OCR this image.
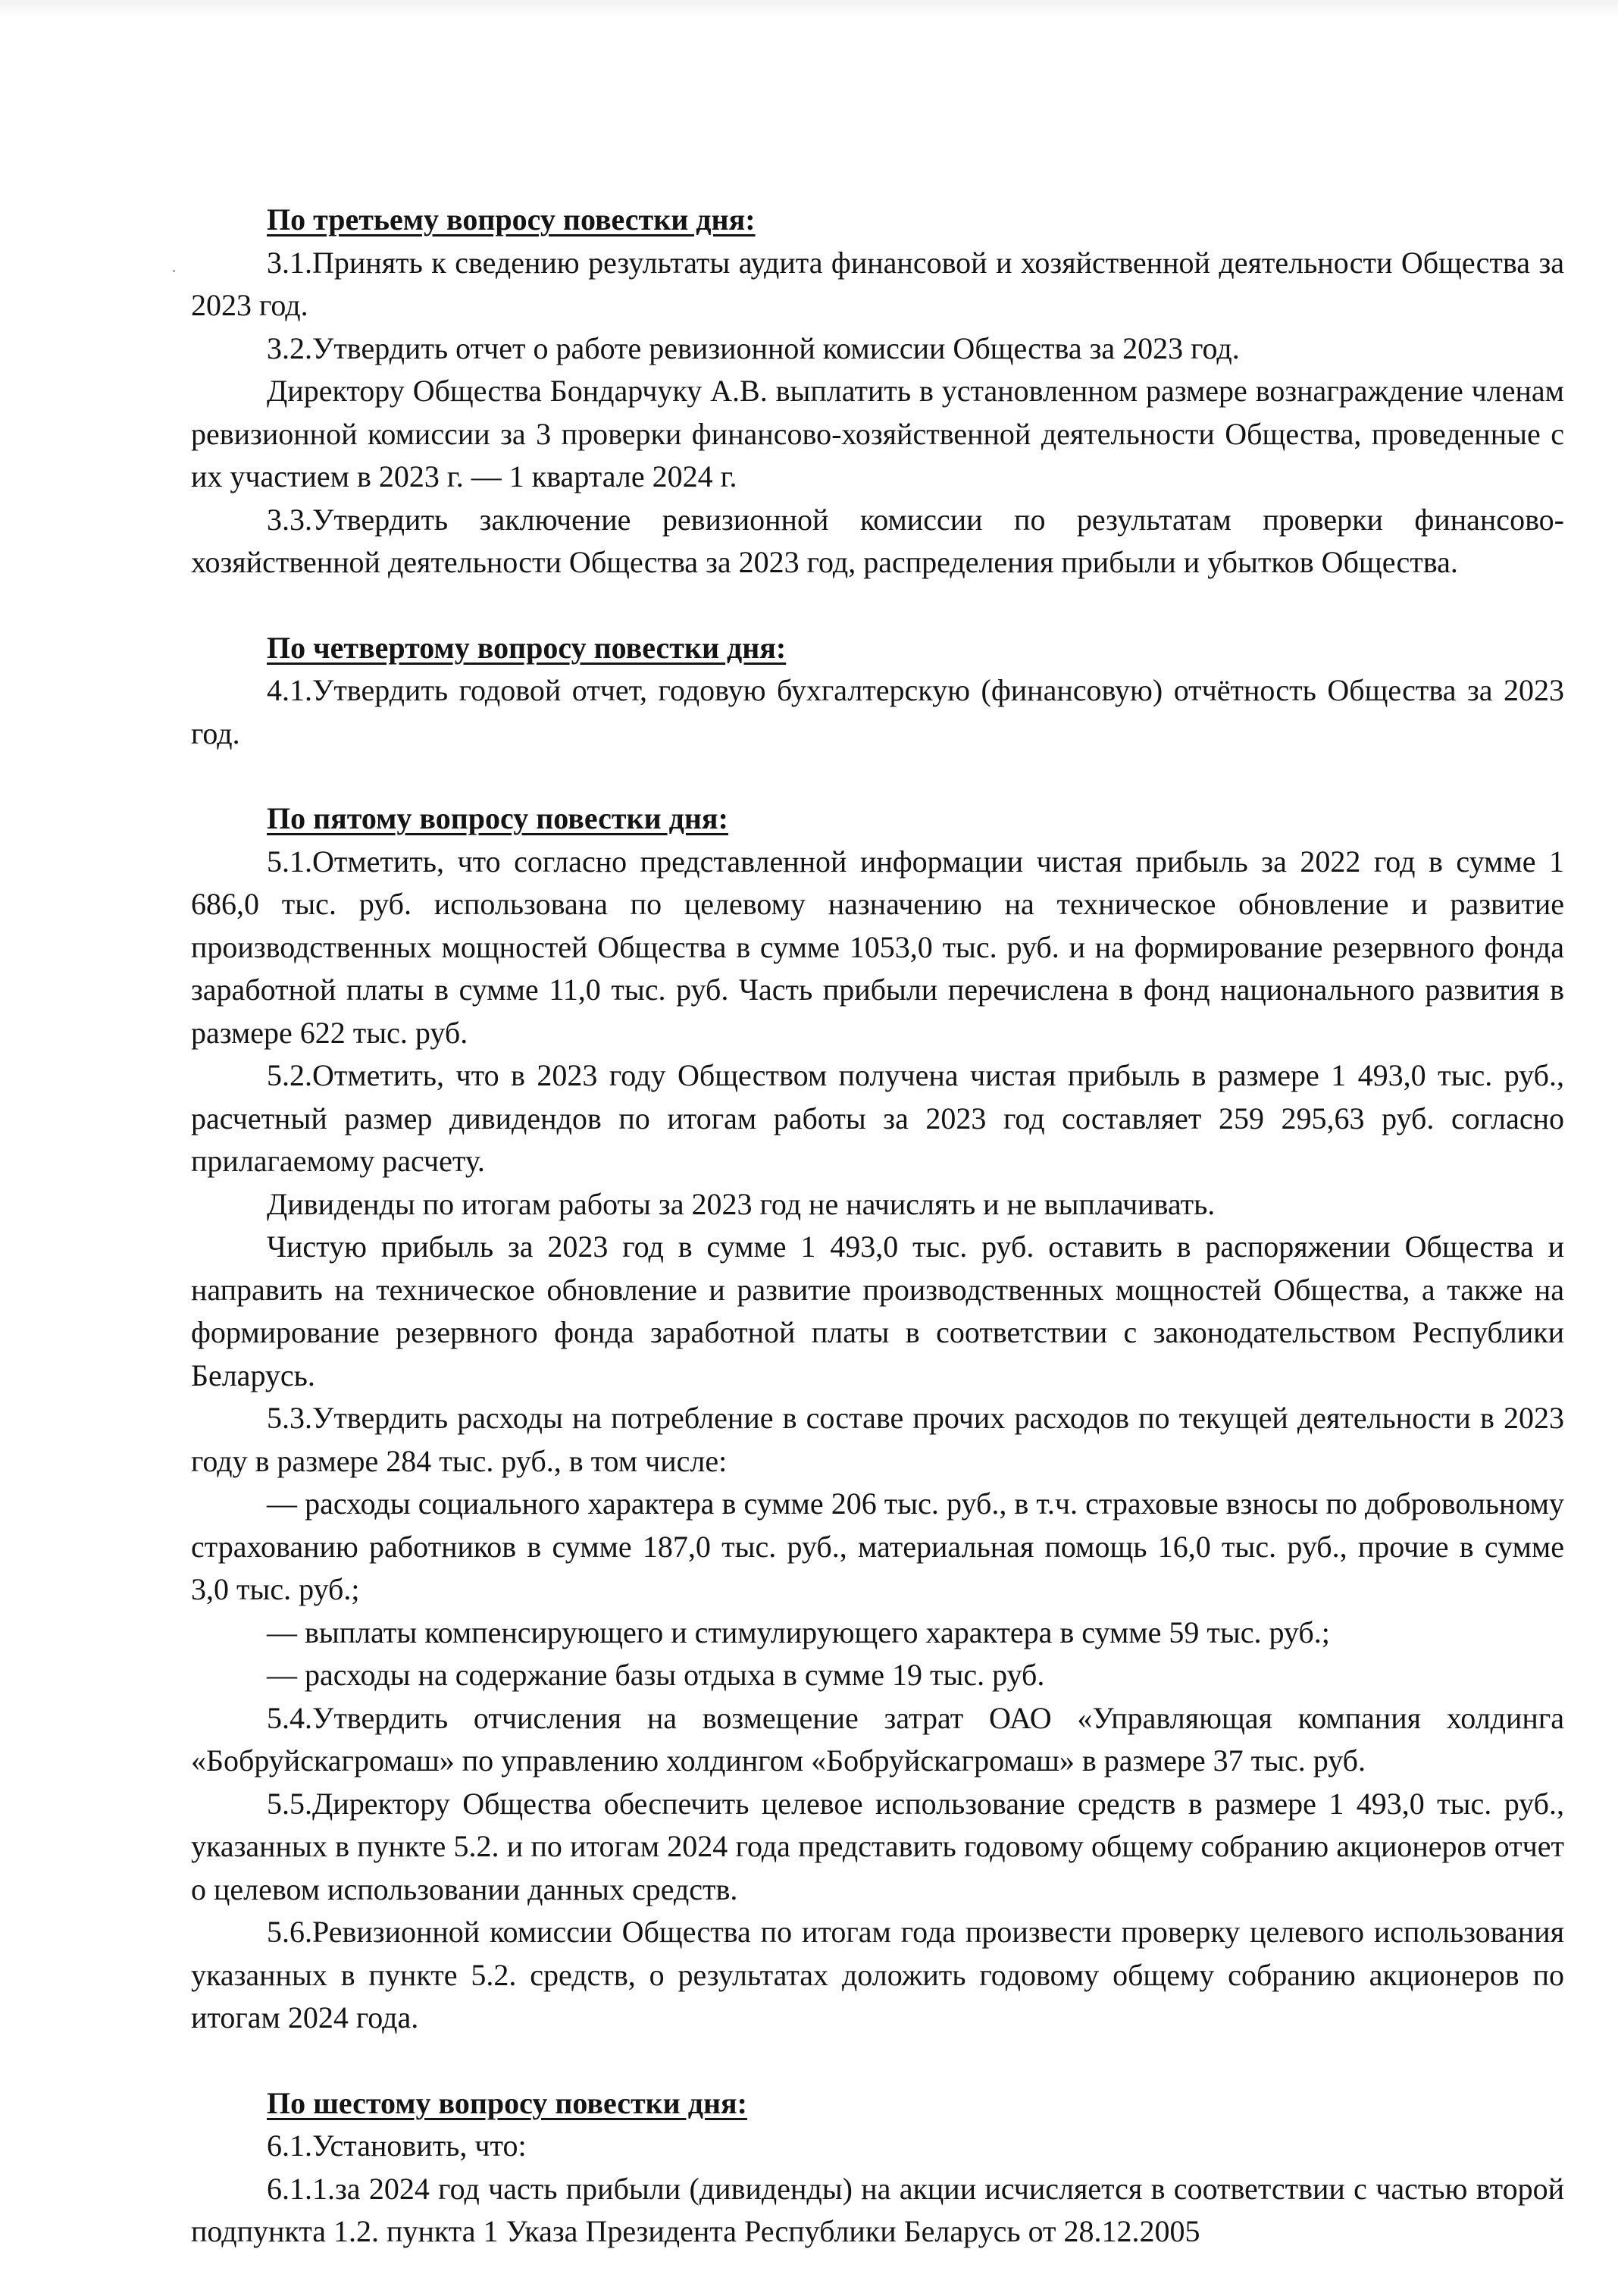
По третьему вопросу повестки дня:

3.1.Принять к сведению результаты аудита финансовой и хозяйственной деятельности Общества за 2023 год.

3.2.Утвердить отчет о работе ревизионной комиссии Общества за 2023 год.

Директору Общества Бондарчуку А.В. выплатить в установленном размере вознаграждение членам ревизионной комиссии за 3 проверки финансово-хозяйственной деятельности Общества, проведенные с их участием в 2023 г. — 1 квартале 2024 г.

3.3.Утвердить заключение ревизионной комиссии по результатам проверки финансово-хозяйственной деятельности Общества за 2023 год, распределения прибыли и убытков Общества.

По четвертому вопросу повестки дня:

4.1.Утвердить годовой отчет, годовую бухгалтерскую (финансовую) отчётность Общества за 2023 год.

По пятому вопросу повестки дня:

5.1.Отметить, что согласно представленной информации чистая прибыль за 2022 год в сумме 1 686,0 тыс. руб. использована по целевому назначению на техническое обновление и развитие производственных мощностей Общества в сумме 1053,0 тыс. руб. и на формирование резервного фонда заработной платы в сумме 11,0 тыс. руб. Часть прибыли перечислена в фонд национального развития в размере 622 тыс. руб.

5.2.Отметить, что в 2023 году Обществом получена чистая прибыль в размере 1 493,0 тыс. руб., расчетный размер дивидендов по итогам работы за 2023 год составляет 259 295,63 руб. согласно прилагаемому расчету.

Дивиденды по итогам работы за 2023 год не начислять и не выплачивать.

Чистую прибыль за 2023 год в сумме 1 493,0 тыс. руб. оставить в распоряжении Общества и направить на техническое обновление и развитие производственных мощностей Общества, а также на формирование резервного фонда заработной платы в соответствии с законодательством Республики Беларусь.

5.3.Утвердить расходы на потребление в составе прочих расходов по текущей деятельности в 2023 году в размере 284 тыс. руб., в том числе:

— расходы социального характера в сумме 206 тыс. руб., в т.ч. страховые взносы по добровольному страхованию работников в сумме 187,0 тыс. руб., материальная помощь 16,0 тыс. руб., прочие в сумме 3,0 тыс. руб.;

— выплаты компенсирующего и стимулирующего характера в сумме 59 тыс. руб.;

— расходы на содержание базы отдыха в сумме 19 тыс. руб.

5.4.Утвердить отчисления на возмещение затрат ОАО «Управляющая компания холдинга «Бобруйскагромаш» по управлению холдингом «Бобруйскагромаш» в размере 37 тыс. руб.

5.5.Директору Общества обеспечить целевое использование средств в размере 1 493,0 тыс. руб., указанных в пункте 5.2. и по итогам 2024 года представить годовому общему собранию акционеров отчет о целевом использовании данных средств.

5.6.Ревизионной комиссии Общества по итогам года произвести проверку целевого использования указанных в пункте 5.2. средств, о результатах доложить годовому общему собранию акционеров по итогам 2024 года.

По шестому вопросу повестки дня:

6.1.Установить, что:

6.1.1.за 2024 год часть прибыли (дивиденды) на акции исчисляется в соответствии с частью второй подпункта 1.2. пункта 1 Указа Президента Республики Беларусь от 28.12.2005
